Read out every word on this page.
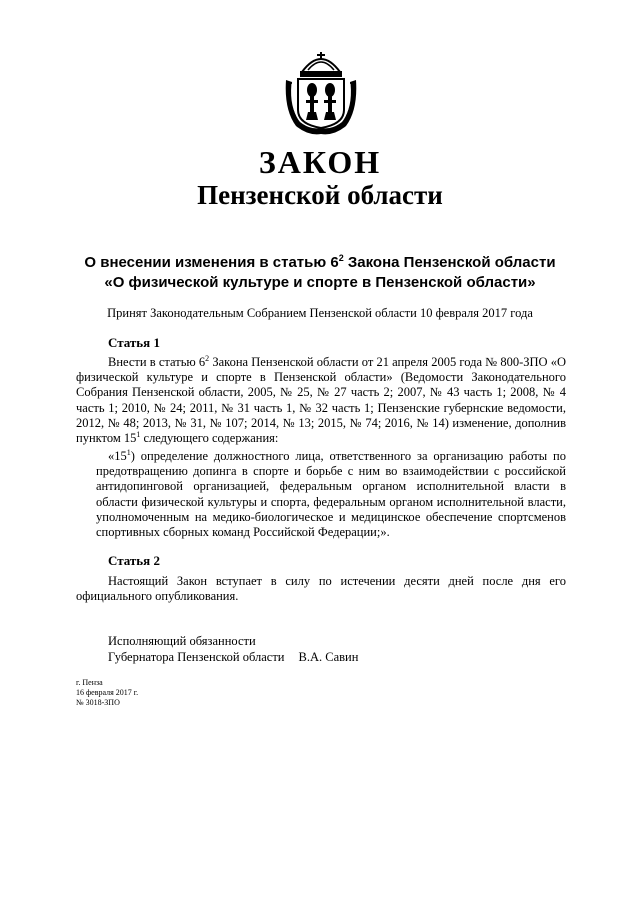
ЗАКОН
Пензенской области
О внесении изменения в статью $6^2$ Закона Пензенской области
«О физической культуре и спорте в Пензенской области»
Принят Законодательным Собранием Пензенской области 10 февраля 2017 года
Статья 1
Внести в статью $6^2$ Закона Пензенской области от 21 апреля 2005 года № 800-ЗПО «О физической культуре и спорте в Пензенской области» (Ведомости Законодательного Собрания Пензенской области, 2005, № 25, № 27 часть 2; 2007, № 43 часть 1; 2008, № 4 часть 1; 2010, № 24; 2011, № 31 часть 1, № 32 часть 1; Пензенские губернские ведомости, 2012, № 48; 2013, № 31, № 107; 2014, № 13; 2015, № 74; 2016, № 14) изменение, дополнив пунктом $15^1$ следующего содержания:
«$15^1$) определение должностного лица, ответственного за организацию работы по предотвращению допинга в спорте и борьбе с ним во взаимодействии с российской антидопинговой организацией, федеральным органом исполнительной власти в области физической культуры и спорта, федеральным органом исполнительной власти, уполномоченным на медико-биологическое и медицинское обеспечение спортсменов спортивных сборных команд Российской Федерации;».
Статья 2
Настоящий Закон вступает в силу по истечении десяти дней после дня его официального опубликования.
Исполняющий обязанности
Губернатора Пензенской области В.А. Савин
г. Пенза
16 февраля 2017 г.
№ 3018-ЗПО
